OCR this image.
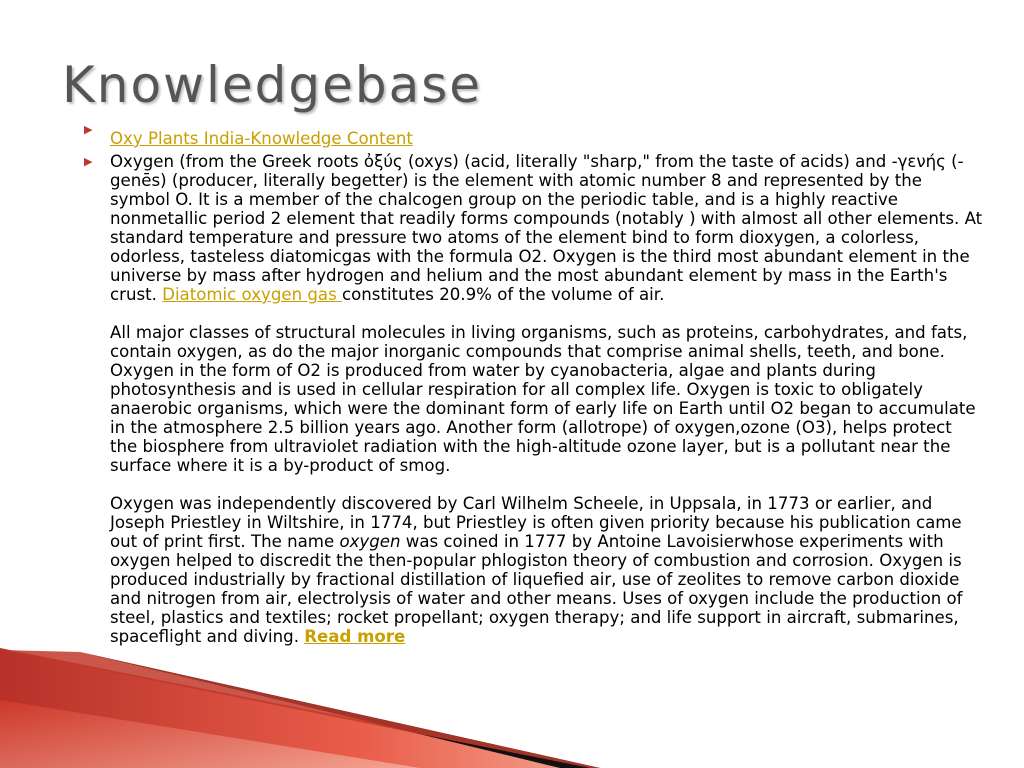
Knowledgebase
▶ Oxy Plants India-Knowledge Content
▶ Oxygen (from the Greek roots ὀξύς (oxys) (acid, literally "sharp," from the taste of acids) and -γενής (-genēs) (producer, literally begetter) is the element with atomic number 8 and represented by the symbol O. It is a member of the chalcogen group on the periodic table, and is a highly reactive nonmetallic period 2 element that readily forms compounds (notably ) with almost all other elements. At standard temperature and pressure two atoms of the element bind to form dioxygen, a colorless, odorless, tasteless diatomicgas with the formula O2. Oxygen is the third most abundant element in the universe by mass after hydrogen and helium and the most abundant element by mass in the Earth's crust. Diatomic oxygen gas constitutes 20.9% of the volume of air.
All major classes of structural molecules in living organisms, such as proteins, carbohydrates, and fats, contain oxygen, as do the major inorganic compounds that comprise animal shells, teeth, and bone. Oxygen in the form of O2 is produced from water by cyanobacteria, algae and plants during photosynthesis and is used in cellular respiration for all complex life. Oxygen is toxic to obligately anaerobic organisms, which were the dominant form of early life on Earth until O2 began to accumulate in the atmosphere 2.5 billion years ago. Another form (allotrope) of oxygen,ozone (O3), helps protect the biosphere from ultraviolet radiation with the high-altitude ozone layer, but is a pollutant near the surface where it is a by-product of smog.
Oxygen was independently discovered by Carl Wilhelm Scheele, in Uppsala, in 1773 or earlier, and Joseph Priestley in Wiltshire, in 1774, but Priestley is often given priority because his publication came out of print first. The name oxygen was coined in 1777 by Antoine Lavoisierwhose experiments with oxygen helped to discredit the then-popular phlogiston theory of combustion and corrosion. Oxygen is produced industrially by fractional distillation of liquefied air, use of zeolites to remove carbon dioxide and nitrogen from air, electrolysis of water and other means. Uses of oxygen include the production of steel, plastics and textiles; rocket propellant; oxygen therapy; and life support in aircraft, submarines, spaceflight and diving. Read more
